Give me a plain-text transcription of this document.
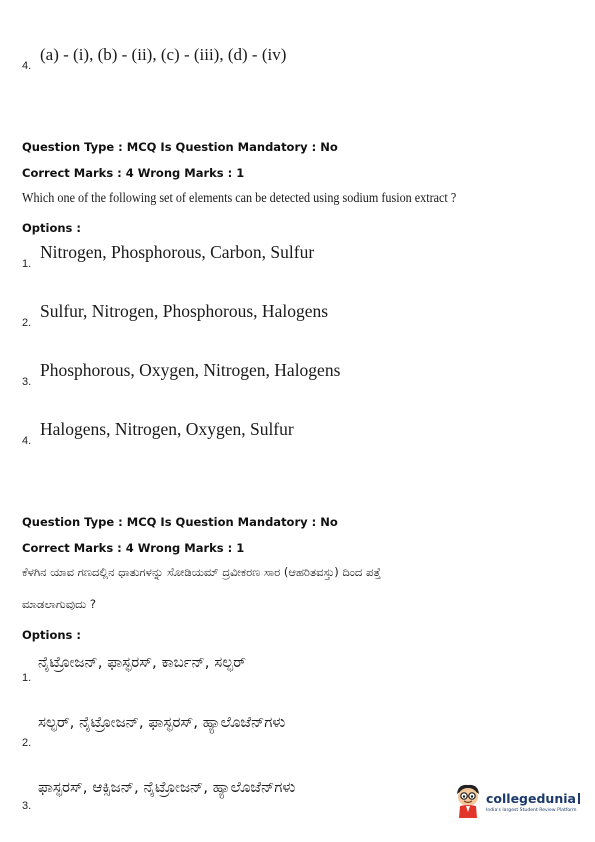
4.
(a) - (i), (b) - (ii), (c) - (iii), (d) - (iv)
Question Type : MCQ Is Question Mandatory : No
Correct Marks : 4 Wrong Marks : 1
Which one of the following set of elements can be detected using sodium fusion extract ?
Options :
1.
Nitrogen, Phosphorous, Carbon, Sulfur
2.
Sulfur, Nitrogen, Phosphorous, Halogens
3.
Phosphorous, Oxygen, Nitrogen, Halogens
4.
Halogens, Nitrogen, Oxygen, Sulfur
Question Type : MCQ Is Question Mandatory : No
Correct Marks : 4 Wrong Marks : 1
ಕೆಳಗಿನ ಯಾವ ಗಣದಲ್ಲಿನ ಧಾತುಗಳನ್ನು ಸೋಡಿಯಮ್ ದ್ರವೀಕರಣ ಸಾರ (ಆಹರಿತವಸ್ತು) ದಿಂದ ಪತ್ತೆ
ಮಾಡಲಾಗುವುದು ?
Options :
1.
ನೈಟ್ರೋಜನ್, ಫಾಸ್ಫರಸ್, ಕಾರ್ಬನ್, ಸಲ್ಫರ್
2.
ಸಲ್ಫರ್, ನೈಟ್ರೋಜನ್, ಫಾಸ್ಫರಸ್, ಹ್ಯಾಲೊಜೆನ್‌ಗಳು
3.
ಫಾಸ್ಫರಸ್, ಆಕ್ಸಿಜನ್, ನೈಟ್ರೋಜನ್, ಹ್ಯಾಲೊಜೆನ್‌ಗಳು
collegedunia
India's largest Student Review Platform
